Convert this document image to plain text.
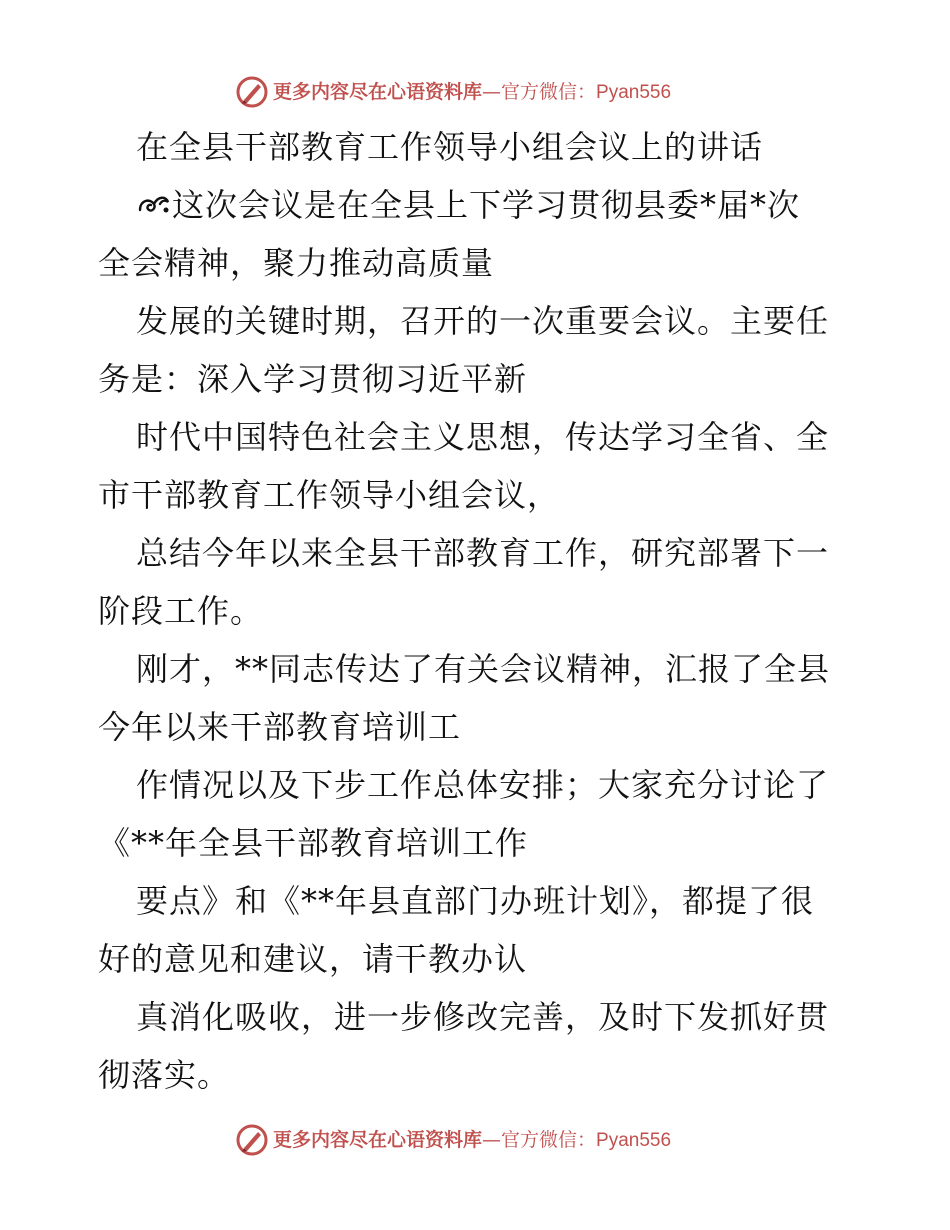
更多内容尽在心语资料库—官方微信：Pyan556
在全县干部教育工作领导小组会议上的讲话
这次会议是在全县上下学习贯彻县委*届*次
全会精神，聚力推动高质量
发展的关键时期，召开的一次重要会议。主要任
务是：深入学习贯彻习近平新
时代中国特色社会主义思想，传达学习全省、全
市干部教育工作领导小组会议，
总结今年以来全县干部教育工作，研究部署下一
阶段工作。
刚才，**同志传达了有关会议精神，汇报了全县
今年以来干部教育培训工
作情况以及下步工作总体安排；大家充分讨论了
《**年全县干部教育培训工作
要点》和《**年县直部门办班计划》，都提了很
好的意见和建议，请干教办认
真消化吸收，进一步修改完善，及时下发抓好贯
彻落实。
更多内容尽在心语资料库—官方微信：Pyan556
